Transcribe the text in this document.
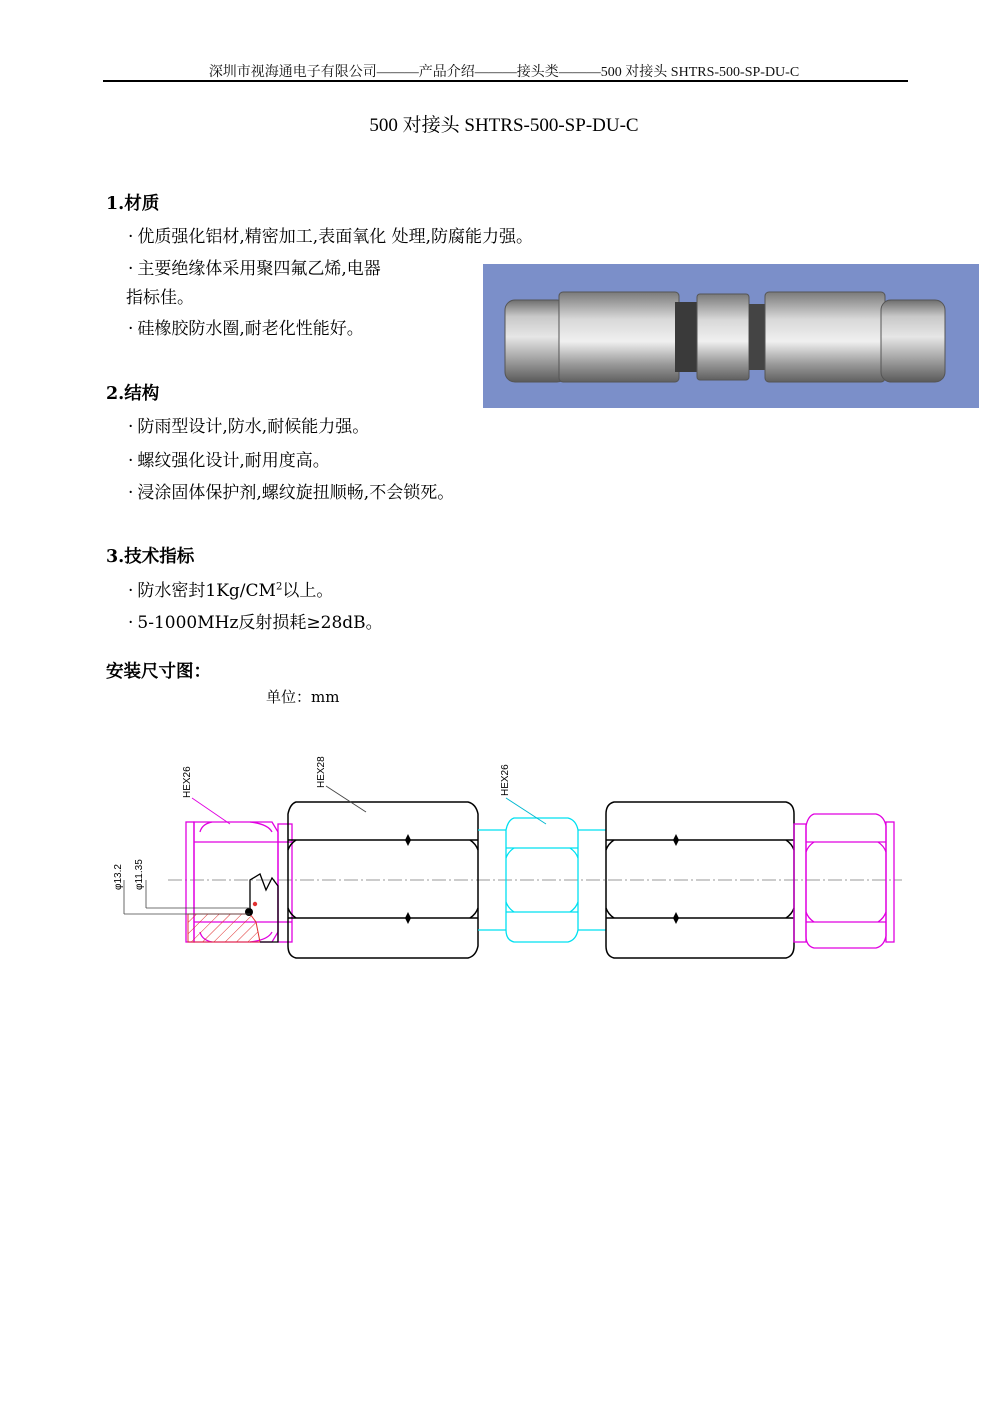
深圳市视海通电子有限公司———产品介绍———接头类———500 对接头 SHTRS-500-SP-DU-C
500 对接头 SHTRS-500-SP-DU-C
1.材质
· 优质强化铝材,精密加工,表面氧化 处理,防腐能力强。
· 主要绝缘体采用聚四氟乙烯,电器
指标佳。
· 硅橡胶防水圈,耐老化性能好。
2.结构
· 防雨型设计,防水,耐候能力强。
· 螺纹强化设计,耐用度高。
· 浸涂固体保护剂,螺纹旋扭顺畅,不会锁死。
3.技术指标
· 防水密封$1Kg/CM^2$以上。
· 5-1000MHz反射损耗≥28dB。
安装尺寸图：
单位：mm
HEX26	HEX28	HEX26
φ13.2 φ11.35
